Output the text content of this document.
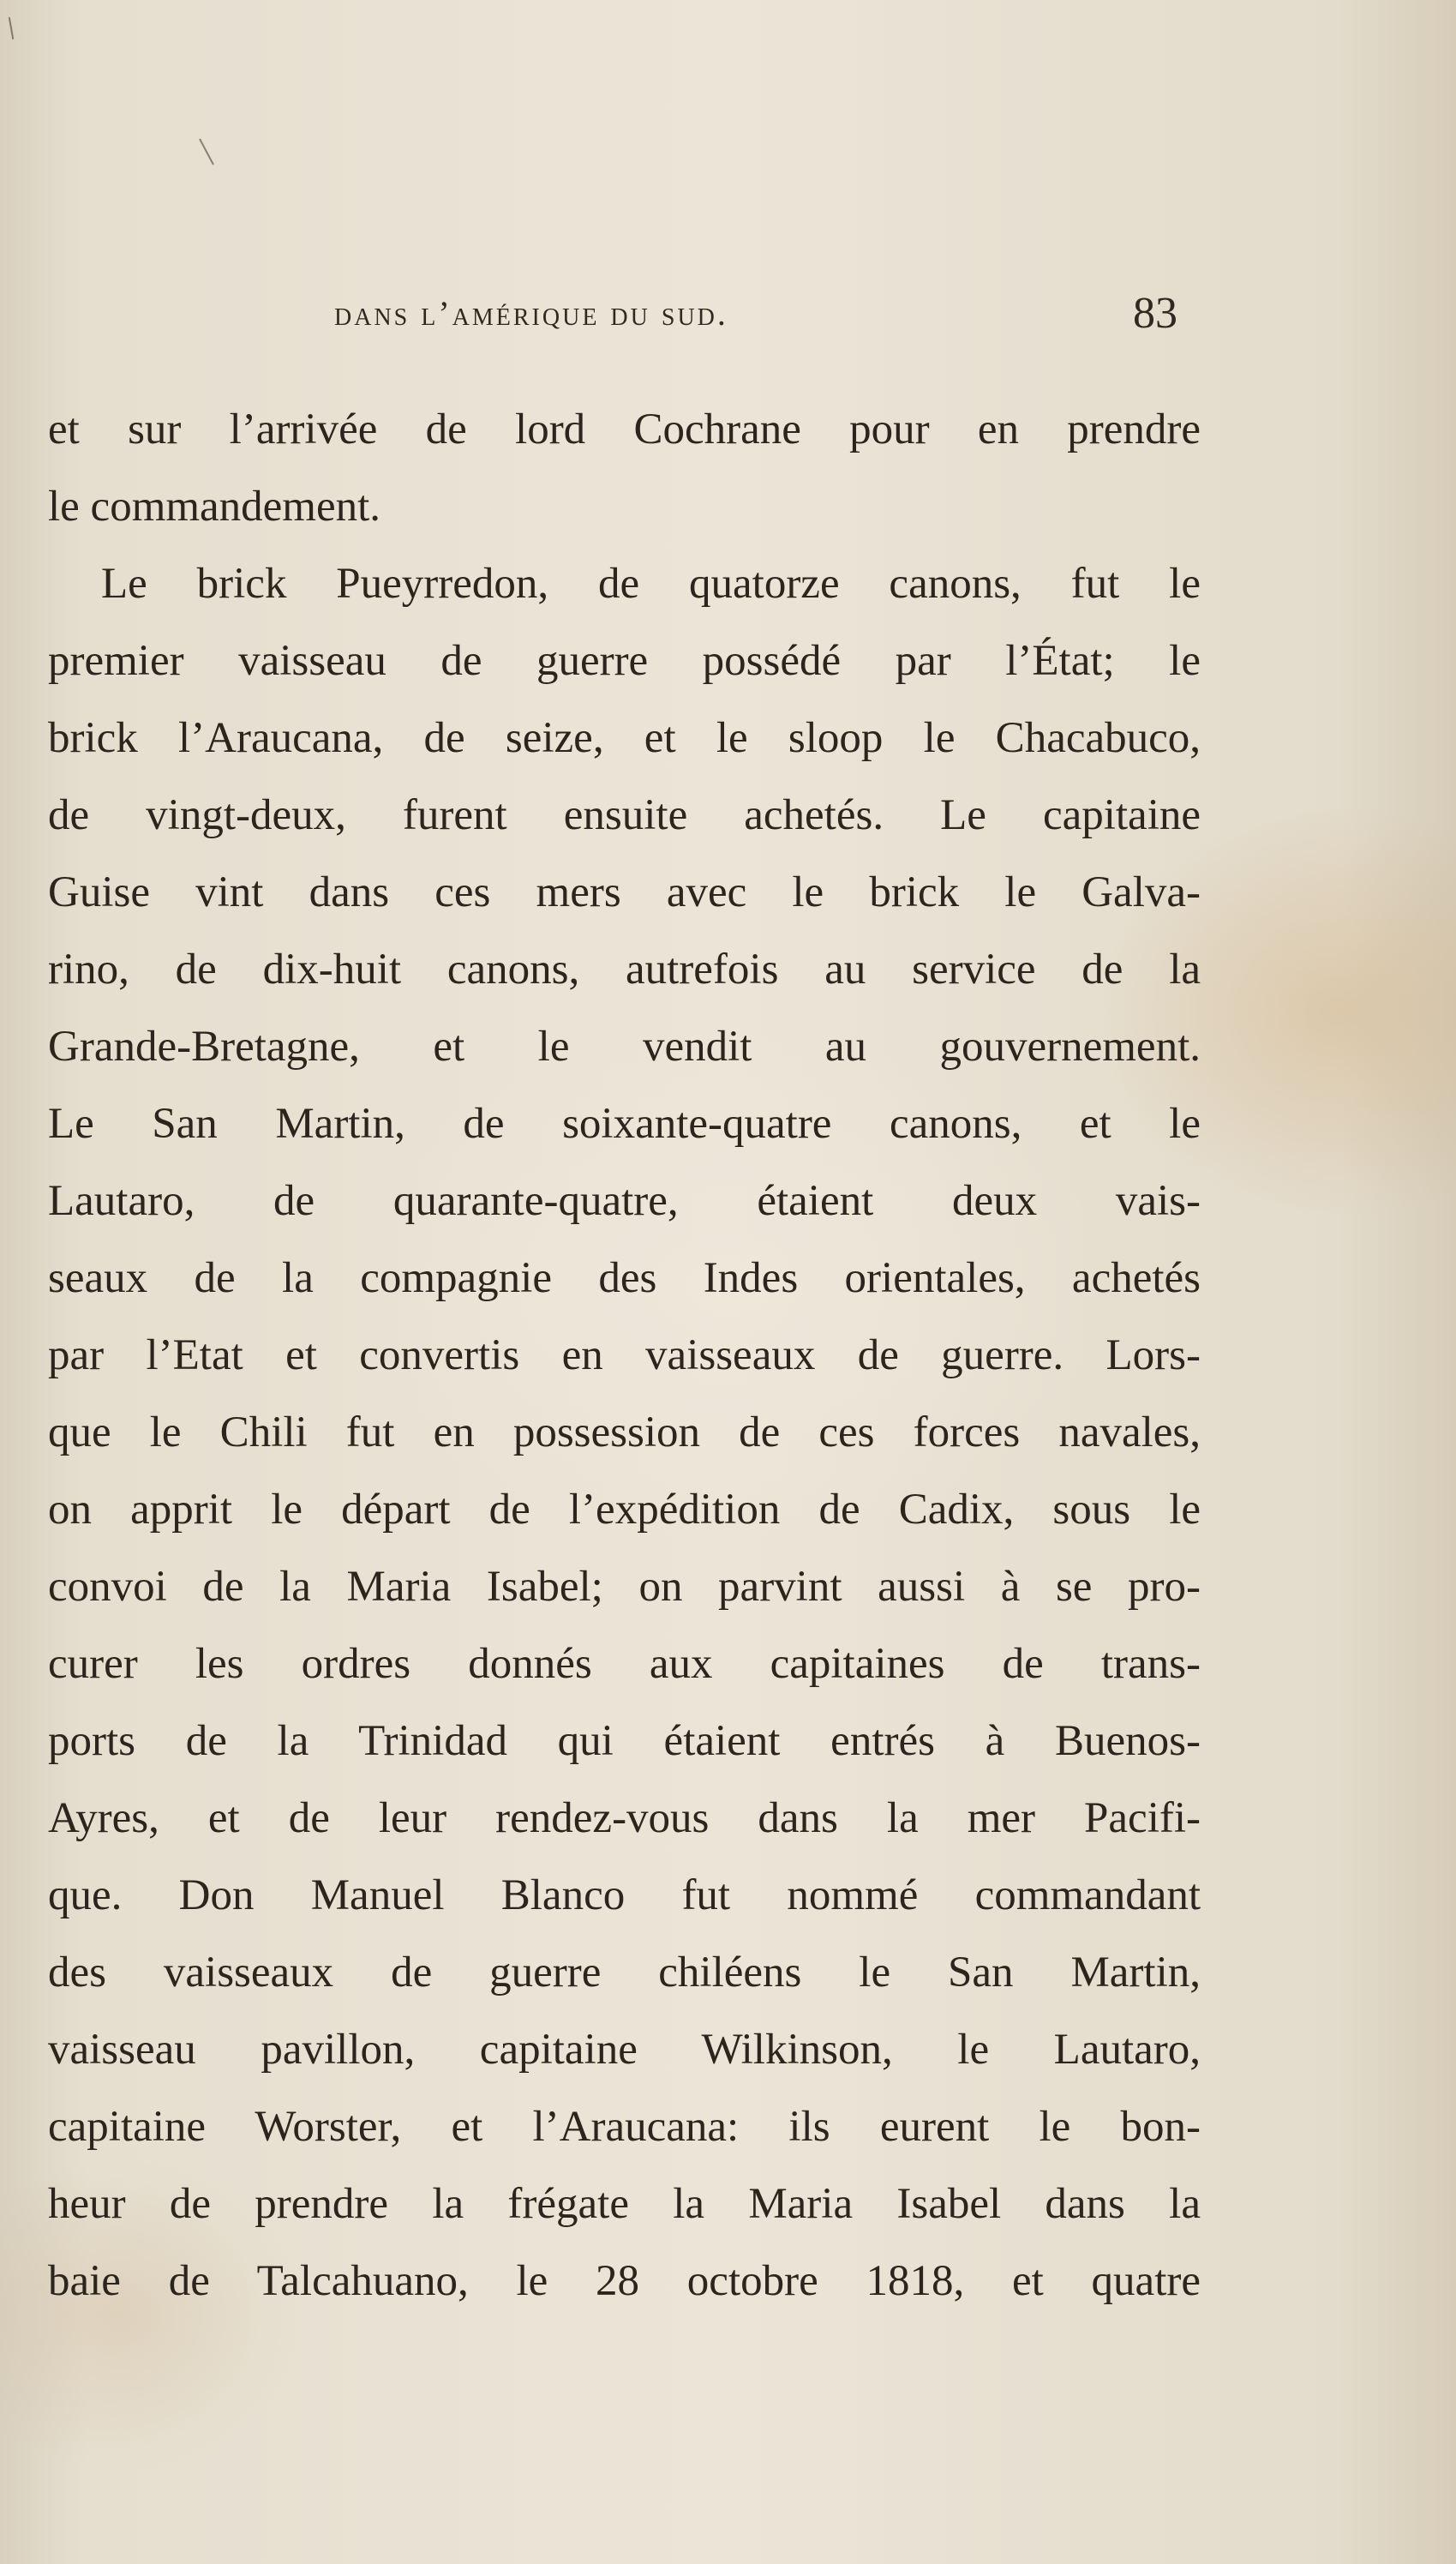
dans l’amérique du sud.	83
et sur l’arrivée de lord Cochrane pour en prendre
le commandement.
Le brick Pueyrredon, de quatorze canons, fut le
premier vaisseau de guerre possédé par l’État; le
brick l’Araucana, de seize, et le sloop le Chacabuco,
de vingt-deux, furent ensuite achetés. Le capitaine
Guise vint dans ces mers avec le brick le Galva-
rino, de dix-huit canons, autrefois au service de la
Grande-Bretagne, et le vendit au gouvernement.
Le San Martin, de soixante-quatre canons, et le
Lautaro, de quarante-quatre, étaient deux vais-
seaux de la compagnie des Indes orientales, achetés
par l’Etat et convertis en vaisseaux de guerre. Lors-
que le Chili fut en possession de ces forces navales,
on apprit le départ de l’expédition de Cadix, sous le
convoi de la Maria Isabel; on parvint aussi à se pro-
curer les ordres donnés aux capitaines de trans-
ports de la Trinidad qui étaient entrés à Buenos-
Ayres, et de leur rendez-vous dans la mer Pacifi-
que. Don Manuel Blanco fut nommé commandant
des vaisseaux de guerre chiléens le San Martin,
vaisseau pavillon, capitaine Wilkinson, le Lautaro,
capitaine Worster, et l’Araucana: ils eurent le bon-
heur de prendre la frégate la Maria Isabel dans la
baie de Talcahuano, le 28 octobre 1818, et quatre
